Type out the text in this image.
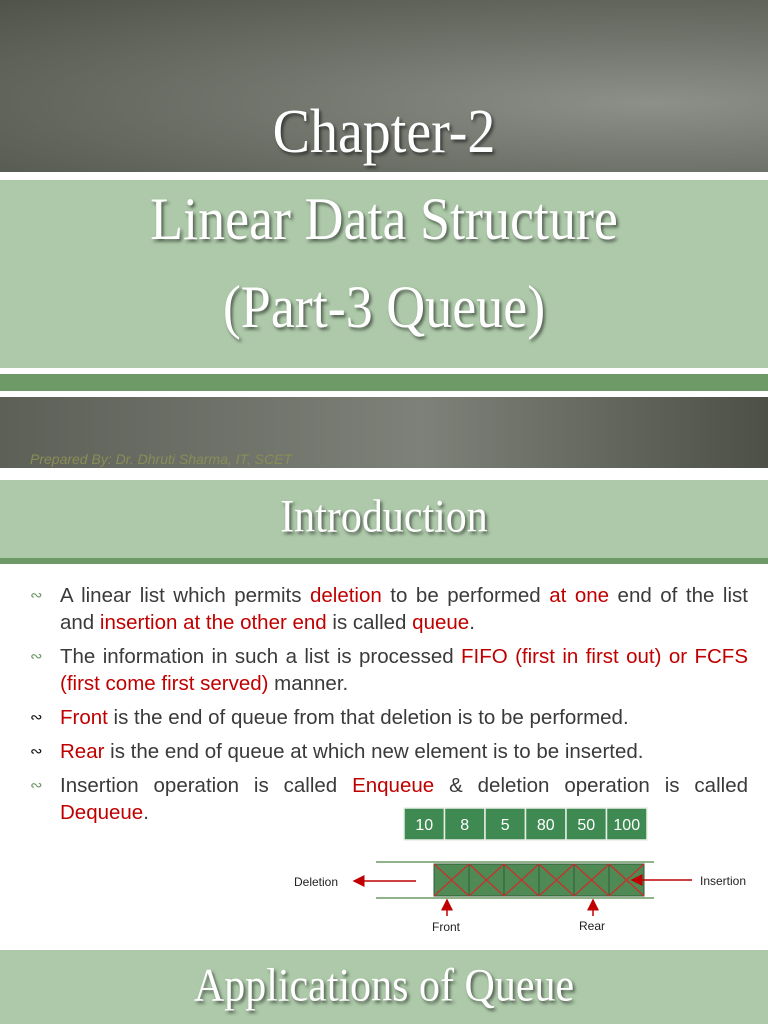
Chapter-2
Linear Data Structure
(Part-3 Queue)
Prepared By: Dr. Dhruti Sharma, IT, SCET
Introduction
∾ A linear list which permits deletion to be performed at one end of the list and insertion at the other end is called queue.
∾ The information in such a list is processed FIFO (first in first out) or FCFS (first come first served) manner.
∾ Front is the end of queue from that deletion is to be performed.
∾ Rear is the end of queue at which new element is to be inserted.
∾ Insertion operation is called Enqueue & deletion operation is called Dequeue.
10 8 5 80 50 100
Deletion	Insertion
Front	Rear
Applications of Queue
